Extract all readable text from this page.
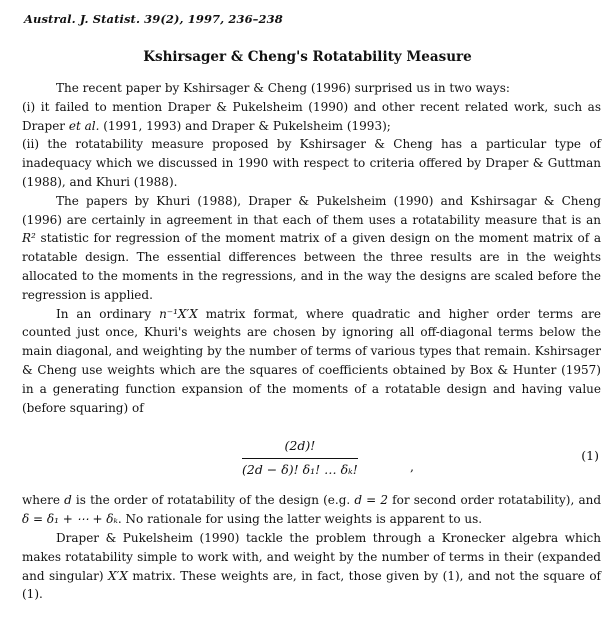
Austral. J. Statist. 39(2), 1997, 236–238
Kshirsager & Cheng's Rotatability Measure

The recent paper by Kshirsager & Cheng (1996) surprised us in two ways:

(i) it failed to mention Draper & Pukelsheim (1990) and other recent related work, such as Draper et al. (1991, 1993) and Draper & Pukelsheim (1993);

(ii) the rotatability measure proposed by Kshirsager & Cheng has a particular type of inadequacy which we discussed in 1990 with respect to criteria offered by Draper & Guttman (1988), and Khuri (1988).

The papers by Khuri (1988), Draper & Pukelsheim (1990) and Kshirsagar & Cheng (1996) are certainly in agreement in that each of them uses a rotatability measure that is an R² statistic for regression of the moment matrix of a given design on the moment matrix of a rotatable design. The essential differences between the three results are in the weights allocated to the moments in the regressions, and in the way the designs are scaled before the regression is applied.

In an ordinary n⁻¹X′X matrix format, where quadratic and higher order terms are counted just once, Khuri's weights are chosen by ignoring all off-diagonal terms below the main diagonal, and weighting by the number of terms of various types that remain. Kshirsager & Cheng use weights which are the squares of coefficients obtained by Box & Hunter (1957) in a generating function expansion of the moments of a rotatable design and having value (before squaring) of

$\frac{(2d)!}{\text{(2d − δ)! δ₁! … δₖ!}}$	,
(1)

where d is the order of rotatability of the design (e.g. d = 2 for second order rotatability), and δ = δ₁ + ⋯ + δₖ. No rationale for using the latter weights is apparent to us.

Draper & Pukelsheim (1990) tackle the problem through a Kronecker algebra which makes rotatability simple to work with, and weight by the number of terms in their (expanded and singular) X′X matrix. These weights are, in fact, those given by (1), and not the square of (1).
